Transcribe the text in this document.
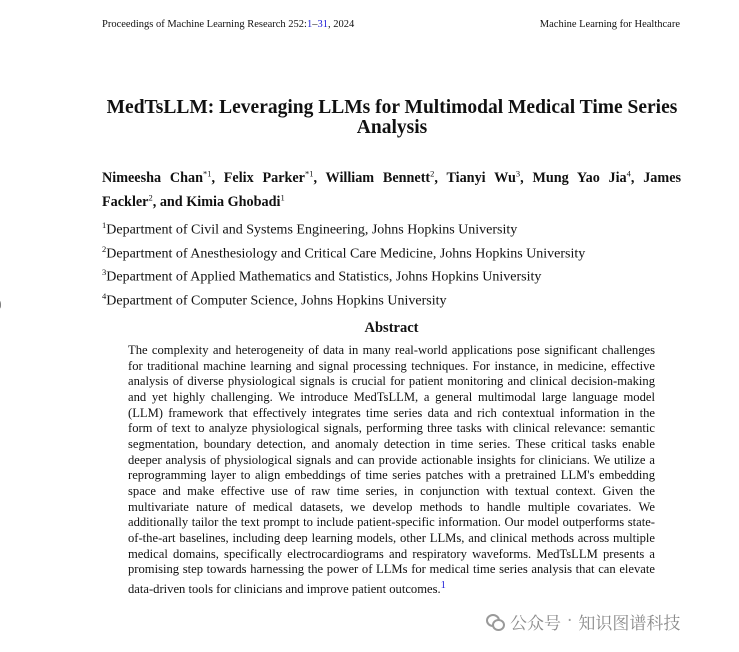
Proceedings of Machine Learning Research 252:1–31, 2024	Machine Learning for Healthcare
MedTsLLM: Leveraging LLMs for Multimodal Medical Time Series Analysis
Nimeesha Chan$^{*1}$, Felix Parker$^{*1}$, William Bennett$^2$, Tianyi Wu$^3$, Mung Yao Jia$^4$, James Fackler$^2$, and Kimia Ghobadi$^1$
$^1$Department of Civil and Systems Engineering, Johns Hopkins University
$^2$Department of Anesthesiology and Critical Care Medicine, Johns Hopkins University
$^3$Department of Applied Mathematics and Statistics, Johns Hopkins University
$^4$Department of Computer Science, Johns Hopkins University
Abstract

The complexity and heterogeneity of data in many real-world applications pose significant challenges for traditional machine learning and signal processing techniques. For instance, in medicine, effective analysis of diverse physiological signals is crucial for patient monitoring and clinical decision-making and yet highly challenging. We introduce MedTsLLM, a general multimodal large language model (LLM) framework that effectively integrates time series data and rich contextual information in the form of text to analyze physiological signals, performing three tasks with clinical relevance: semantic segmentation, boundary detection, and anomaly detection in time series. These critical tasks enable deeper analysis of physiological signals and can provide actionable insights for clinicians. We utilize a reprogramming layer to align embeddings of time series patches with a pretrained LLM's embedding space and make effective use of raw time series, in conjunction with textual context. Given the multivariate nature of medical datasets, we develop methods to handle multiple covariates. We additionally tailor the text prompt to include patient-specific information. Our model outperforms state-of-the-art baselines, including deep learning models, other LLMs, and clinical methods across multiple medical domains, specifically electrocardiograms and respiratory waveforms. MedTsLLM presents a promising step towards harnessing the power of LLMs for medical time series analysis that can elevate data-driven tools for clinicians and improve patient outcomes.$^1$

公众号 · 知识图谱科技
